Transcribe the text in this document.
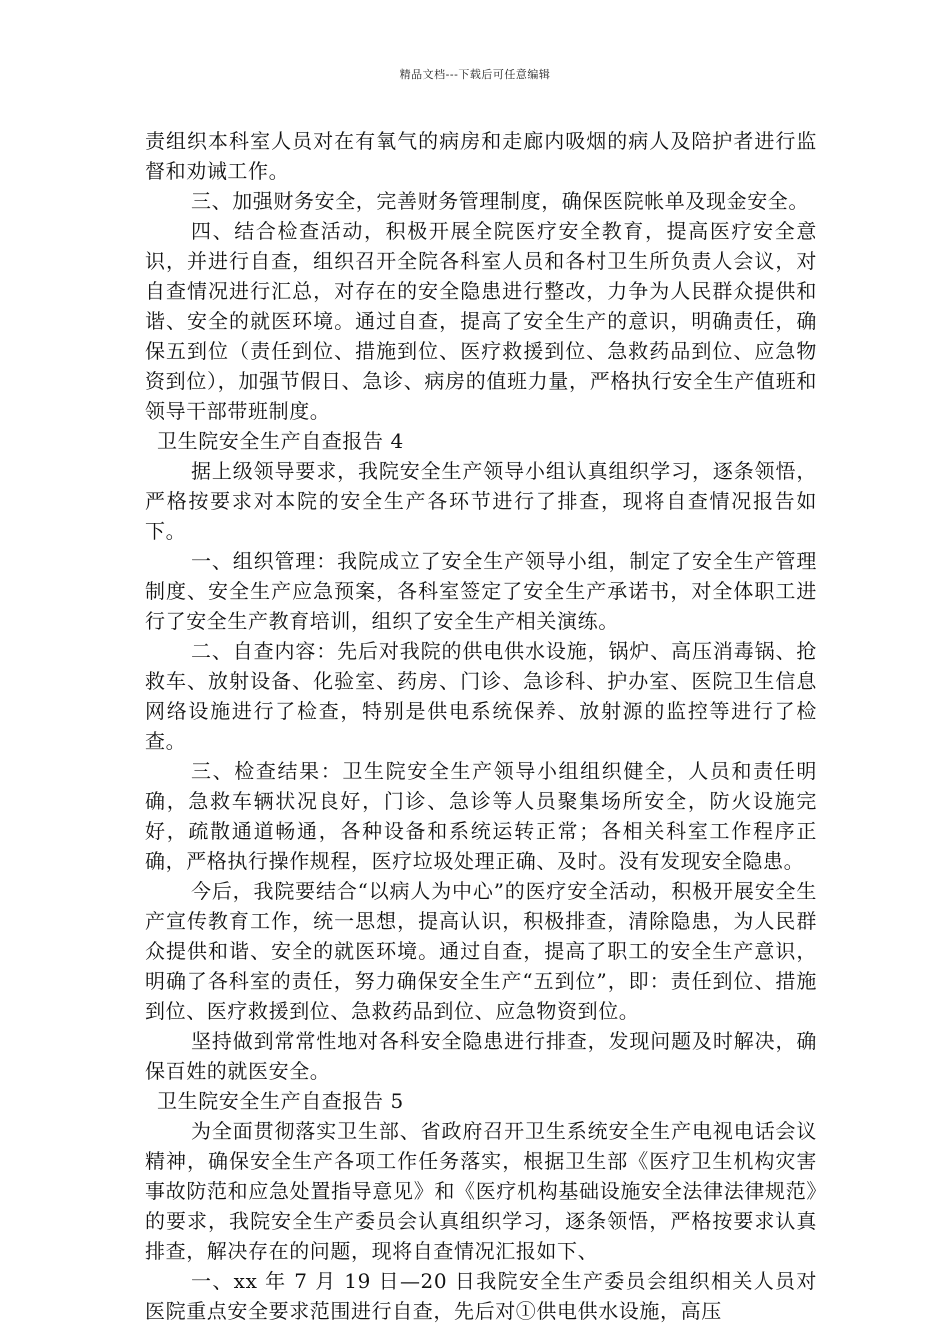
精品文档---下载后可任意编辑

责组织本科室人员对在有氧气的病房和走廊内吸烟的病人及陪护者进行监督和劝诫工作。

三、加强财务安全，完善财务管理制度，确保医院帐单及现金安全。

四、结合检查活动，积极开展全院医疗安全教育，提高医疗安全意识，并进行自查，组织召开全院各科室人员和各村卫生所负责人会议，对自查情况进行汇总，对存在的安全隐患进行整改，力争为人民群众提供和谐、安全的就医环境。通过自查，提高了安全生产的意识，明确责任，确保五到位（责任到位、措施到位、医疗救援到位、急救药品到位、应急物资到位），加强节假日、急诊、病房的值班力量，严格执行安全生产值班和领导干部带班制度。

卫生院安全生产自查报告 4

据上级领导要求，我院安全生产领导小组认真组织学习，逐条领悟，严格按要求对本院的安全生产各环节进行了排查，现将自查情况报告如下。

一、组织管理：我院成立了安全生产领导小组，制定了安全生产管理制度、安全生产应急预案，各科室签定了安全生产承诺书，对全体职工进行了安全生产教育培训，组织了安全生产相关演练。

二、自查内容：先后对我院的供电供水设施，锅炉、高压消毒锅、抢救车、放射设备、化验室、药房、门诊、急诊科、护办室、医院卫生信息网络设施进行了检查，特别是供电系统保养、放射源的监控等进行了检查。

三、检查结果：卫生院安全生产领导小组组织健全，人员和责任明确，急救车辆状况良好，门诊、急诊等人员聚集场所安全，防火设施完好，疏散通道畅通，各种设备和系统运转正常；各相关科室工作程序正确，严格执行操作规程，医疗垃圾处理正确、及时。没有发现安全隐患。

今后，我院要结合“以病人为中心”的医疗安全活动，积极开展安全生产宣传教育工作，统一思想，提高认识，积极排查，清除隐患，为人民群众提供和谐、安全的就医环境。通过自查，提高了职工的安全生产意识，明确了各科室的责任，努力确保安全生产“五到位”，即：责任到位、措施到位、医疗救援到位、急救药品到位、应急物资到位。

坚持做到常常性地对各科安全隐患进行排查，发现问题及时解决，确保百姓的就医安全。

卫生院安全生产自查报告 5

为全面贯彻落实卫生部、省政府召开卫生系统安全生产电视电话会议精神，确保安全生产各项工作任务落实，根据卫生部《医疗卫生机构灾害事故防范和应急处置指导意见》和《医疗机构基础设施安全法律法律规范》的要求，我院安全生产委员会认真组织学习，逐条领悟，严格按要求认真排查，解决存在的问题，现将自查情况汇报如下、

一、xx 年 7 月 19 日—20 日我院安全生产委员会组织相关人员对医院重点安全要求范围进行自查，先后对①供电供水设施，高压
